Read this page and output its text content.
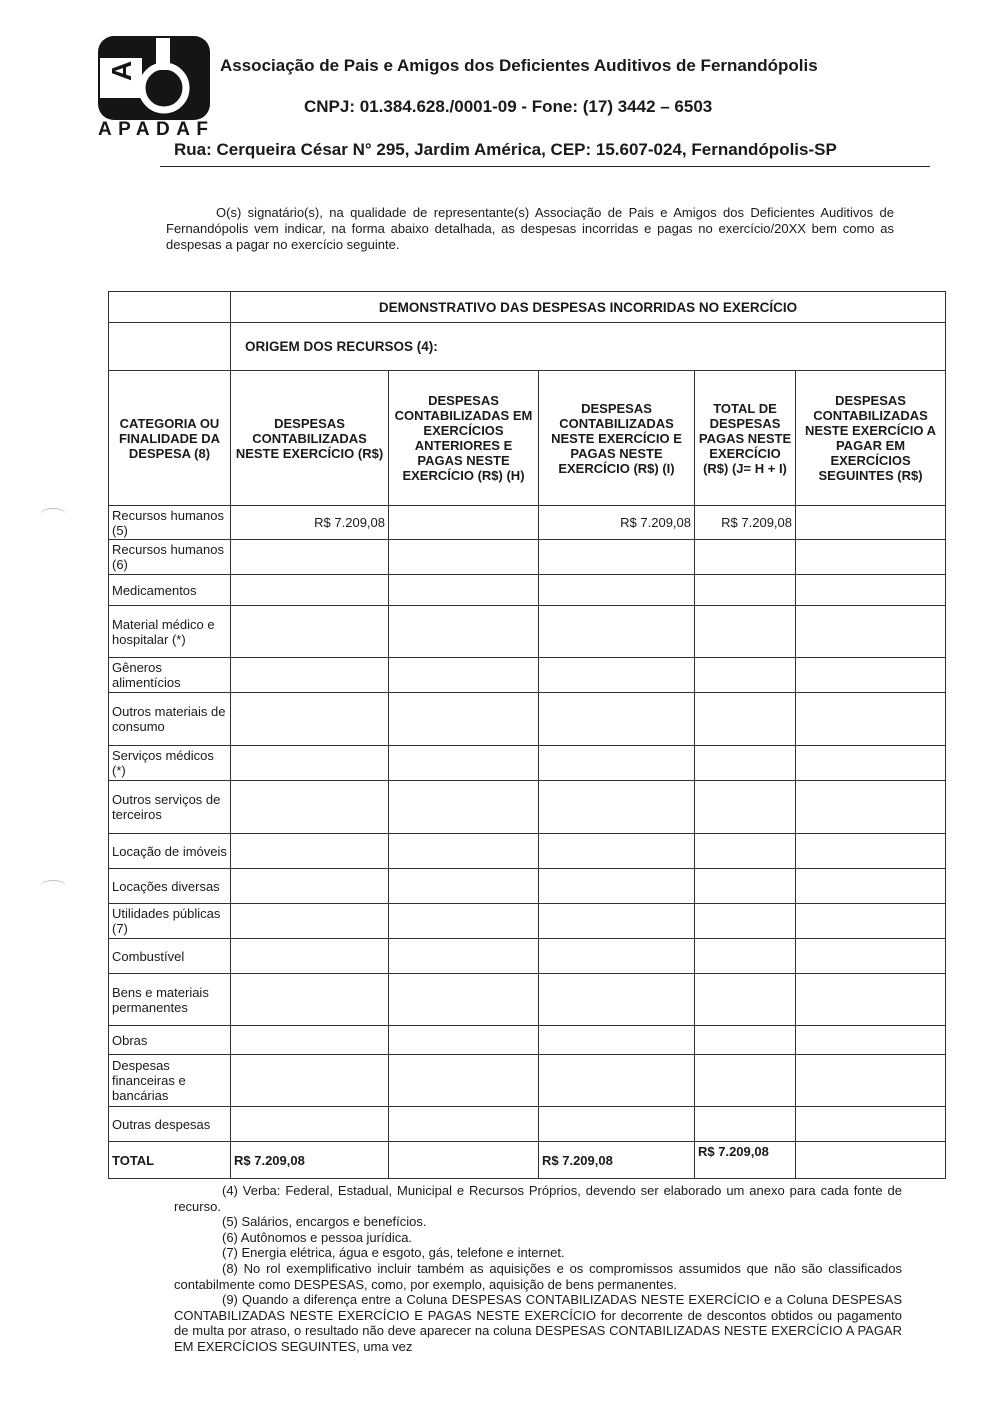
A
APADAF
Associação de Pais e Amigos dos Deficientes Auditivos de Fernandópolis
CNPJ: 01.384.628./0001-09 - Fone: (17) 3442 – 6503
Rua: Cerqueira César N° 295, Jardim América, CEP: 15.607-024, Fernandópolis-SP

O(s) signatário(s), na qualidade de representante(s) Associação de Pais e Amigos dos Deficientes Auditivos de Fernandópolis vem indicar, na forma abaixo detalhada, as despesas incorridas e pagas no exercício/20XX bem como as despesas a pagar no exercício seguinte.

	DEMONSTRATIVO DAS DESPESAS INCORRIDAS NO EXERCÍCIO				
	ORIGEM DOS RECURSOS (4):				
CATEGORIA OU FINALIDADE DA DESPESA (8)	DESPESAS CONTABILIZADAS NESTE EXERCÍCIO (R$)	DESPESAS CONTABILIZADAS EM EXERCÍCIOS ANTERIORES E PAGAS NESTE EXERCÍCIO (R$) (H)	DESPESAS CONTABILIZADAS NESTE EXERCÍCIO E PAGAS NESTE EXERCÍCIO (R$) (I)	TOTAL DE DESPESAS PAGAS NESTE EXERCÍCIO (R$) (J= H + I)	DESPESAS CONTABILIZADAS NESTE EXERCÍCIO A PAGAR EM EXERCÍCIOS SEGUINTES (R$)
Recursos humanos (5)	R$ 7.209,08		R$ 7.209,08	R$ 7.209,08	
Recursos humanos (6)					
Medicamentos					
Material médico e hospitalar (*)					
Gêneros alimentícios					
Outros materiais de consumo					
Serviços médicos (*)					
Outros serviços de terceiros					
Locação de imóveis					
Locações diversas					
Utilidades públicas (7)					
Combustível					
Bens e materiais permanentes					
Obras					
Despesas financeiras e bancárias					
Outras despesas					
TOTAL	R$ 7.209,08		R$ 7.209,08	R$ 7.209,08	

(4) Verba: Federal, Estadual, Municipal e Recursos Próprios, devendo ser elaborado um anexo para cada fonte de recurso.

(5) Salários, encargos e benefícios.

(6) Autônomos e pessoa jurídica.

(7) Energia elétrica, água e esgoto, gás, telefone e internet.

(8) No rol exemplificativo incluir também as aquisições e os compromissos assumidos que não são classificados contabilmente como DESPESAS, como, por exemplo, aquisição de bens permanentes.

(9) Quando a diferença entre a Coluna DESPESAS CONTABILIZADAS NESTE EXERCÍCIO e a Coluna DESPESAS CONTABILIZADAS NESTE EXERCÍCIO E PAGAS NESTE EXERCÍCIO for decorrente de descontos obtidos ou pagamento de multa por atraso, o resultado não deve aparecer na coluna DESPESAS CONTABILIZADAS NESTE EXERCÍCIO A PAGAR EM EXERCÍCIOS SEGUINTES, uma vez
